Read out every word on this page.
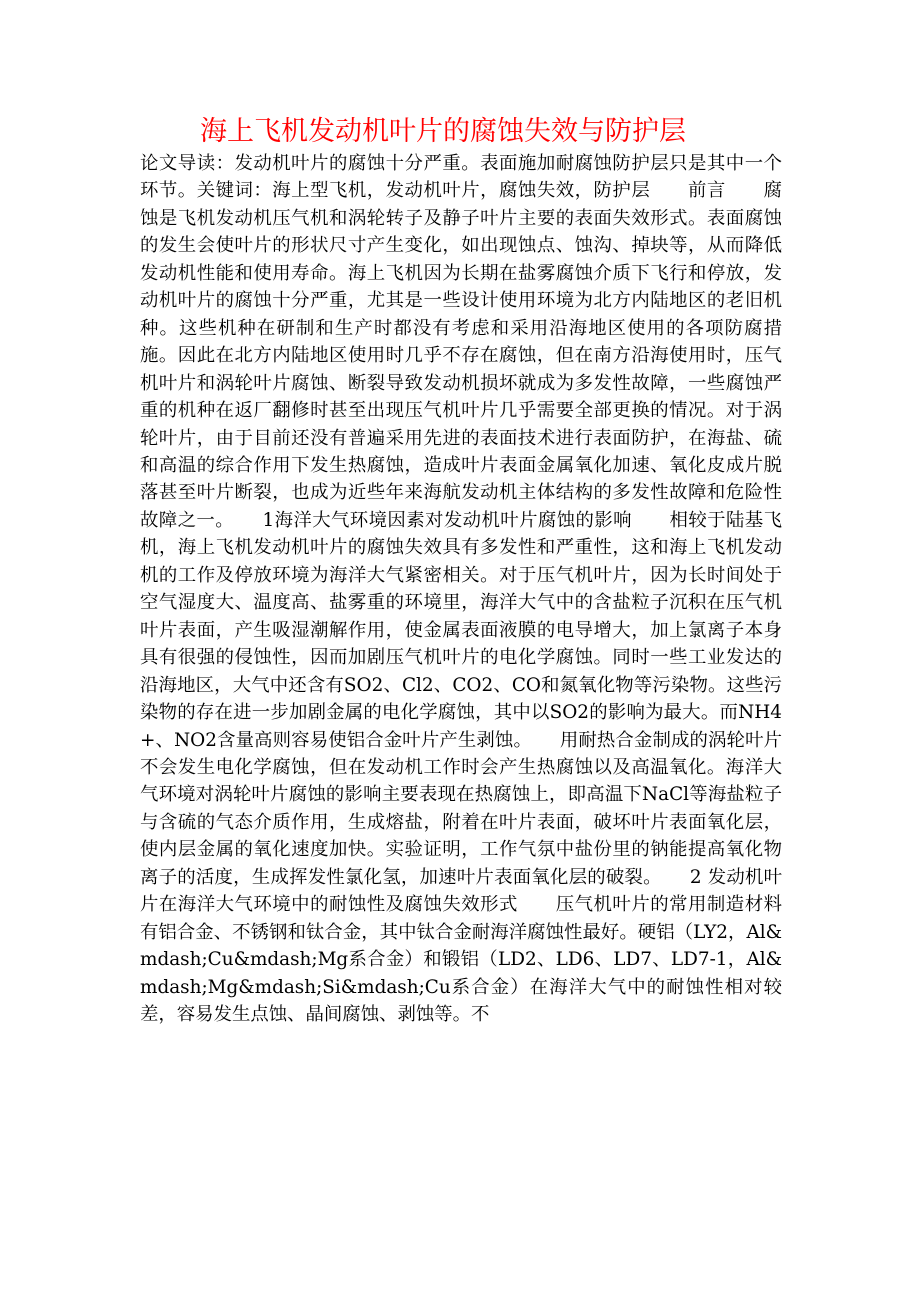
海上飞机发动机叶片的腐蚀失效与防护层

论文导读：发动机叶片的腐蚀十分严重。表面施加耐腐蚀防护层只是其中一个环节。关键词：海上型飞机，发动机叶片，腐蚀失效，防护层　　前言　　腐蚀是飞机发动机压气机和涡轮转子及静子叶片主要的表面失效形式。表面腐蚀的发生会使叶片的形状尺寸产生变化，如出现蚀点、蚀沟、掉块等，从而降低发动机性能和使用寿命。海上飞机因为长期在盐雾腐蚀介质下飞行和停放，发动机叶片的腐蚀十分严重，尤其是一些设计使用环境为北方内陆地区的老旧机种。这些机种在研制和生产时都没有考虑和采用沿海地区使用的各项防腐措施。因此在北方内陆地区使用时几乎不存在腐蚀，但在南方沿海使用时，压气机叶片和涡轮叶片腐蚀、断裂导致发动机损坏就成为多发性故障，一些腐蚀严重的机种在返厂翻修时甚至出现压气机叶片几乎需要全部更换的情况。对于涡轮叶片，由于目前还没有普遍采用先进的表面技术进行表面防护，在海盐、硫和高温的综合作用下发生热腐蚀，造成叶片表面金属氧化加速、氧化皮成片脱落甚至叶片断裂，也成为近些年来海航发动机主体结构的多发性故障和危险性故障之一。　　1海洋大气环境因素对发动机叶片腐蚀的影响　　相较于陆基飞机，海上飞机发动机叶片的腐蚀失效具有多发性和严重性，这和海上飞机发动机的工作及停放环境为海洋大气紧密相关。对于压气机叶片，因为长时间处于空气湿度大、温度高、盐雾重的环境里，海洋大气中的含盐粒子沉积在压气机叶片表面，产生吸湿潮解作用，使金属表面液膜的电导增大，加上氯离子本身具有很强的侵蚀性，因而加剧压气机叶片的电化学腐蚀。同时一些工业发达的沿海地区，大气中还含有SO2、Cl2、CO2、CO和氮氧化物等污染物。这些污染物的存在进一步加剧金属的电化学腐蚀，其中以SO2的影响为最大。而NH4+、NO2含量高则容易使铝合金叶片产生剥蚀。　　用耐热合金制成的涡轮叶片不会发生电化学腐蚀，但在发动机工作时会产生热腐蚀以及高温氧化。海洋大气环境对涡轮叶片腐蚀的影响主要表现在热腐蚀上，即高温下NaCl等海盐粒子与含硫的气态介质作用，生成熔盐，附着在叶片表面，破坏叶片表面氧化层，使内层金属的氧化速度加快。实验证明，工作气氛中盐份里的钠能提高氧化物离子的活度，生成挥发性氯化氢，加速叶片表面氧化层的破裂。　　2 发动机叶片在海洋大气环境中的耐蚀性及腐蚀失效形式　　压气机叶片的常用制造材料有铝合金、不锈钢和钛合金，其中钛合金耐海洋腐蚀性最好。硬铝（LY2，Al&mdash;Cu&mdash;Mg系合金）和锻铝（LD2、LD6、LD7、LD7-1，Al&mdash;Mg&mdash;Si&mdash;Cu系合金）在海洋大气中的耐蚀性相对较差，容易发生点蚀、晶间腐蚀、剥蚀等。不
